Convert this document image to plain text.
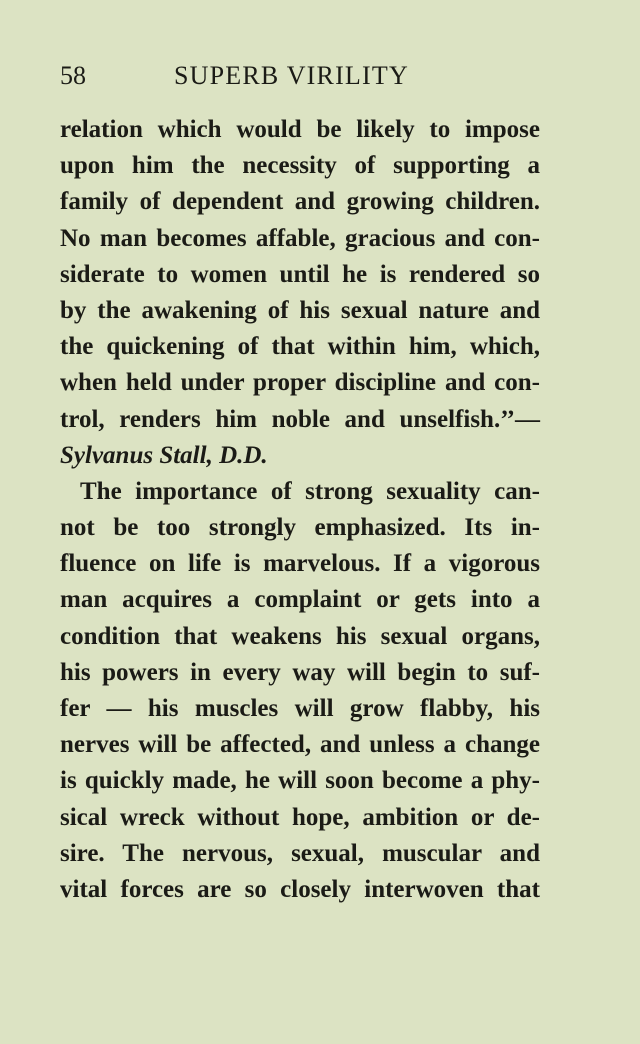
58	SUPERB VIRILITY
relation which would be likely to impose
upon him the necessity of supporting a
family of dependent and growing children.
No man becomes affable, gracious and con-
siderate to women until he is rendered so
by the awakening of his sexual nature and
the quickening of that within him, which,
when held under proper discipline and con-
trol, renders him noble and unselfish.’’—
Sylvanus Stall, D.D.
The importance of strong sexuality can-
not be too strongly emphasized. Its in-
fluence on life is marvelous. If a vigorous
man acquires a complaint or gets into a
condition that weakens his sexual organs,
his powers in every way will begin to suf-
fer — his muscles will grow flabby, his
nerves will be affected, and unless a change
is quickly made, he will soon become a phy-
sical wreck without hope, ambition or de-
sire. The nervous, sexual, muscular and
vital forces are so closely interwoven that
